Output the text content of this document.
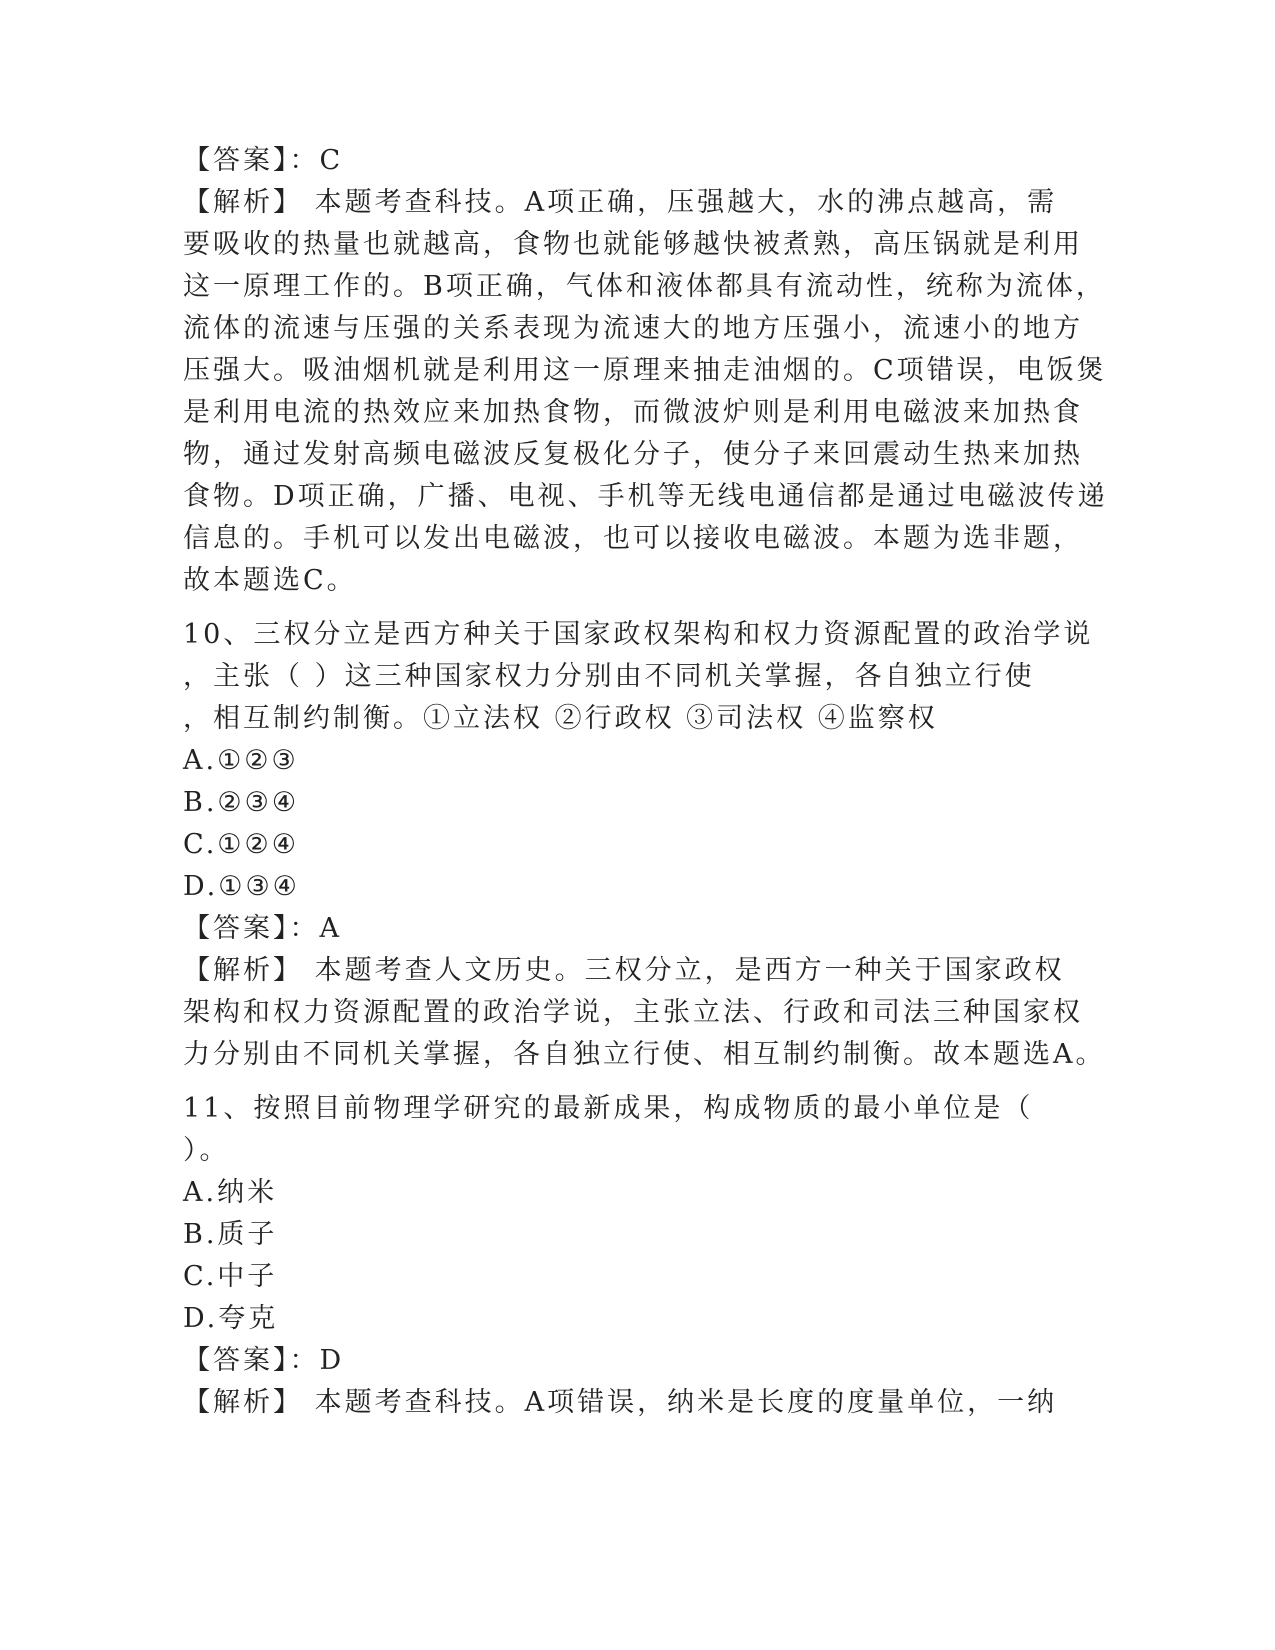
【答案】：C
【解析】 本题考查科技。A项正确，压强越大，水的沸点越高，需
要吸收的热量也就越高，食物也就能够越快被煮熟，高压锅就是利用
这一原理工作的。B项正确，气体和液体都具有流动性，统称为流体，
流体的流速与压强的关系表现为流速大的地方压强小，流速小的地方
压强大。吸油烟机就是利用这一原理来抽走油烟的。C项错误，电饭煲
是利用电流的热效应来加热食物，而微波炉则是利用电磁波来加热食
物，通过发射高频电磁波反复极化分子，使分子来回震动生热来加热
食物。D项正确，广播、电视、手机等无线电通信都是通过电磁波传递
信息的。手机可以发出电磁波，也可以接收电磁波。本题为选非题，
故本题选C。
10、三权分立是西方种关于国家政权架构和权力资源配置的政治学说
，主张（ ）这三种国家权力分别由不同机关掌握，各自独立行使
，相互制约制衡。①立法权 ②行政权 ③司法权 ④监察权
A.①②③
B.②③④
C.①②④
D.①③④
【答案】：A
【解析】 本题考查人文历史。三权分立，是西方一种关于国家政权
架构和权力资源配置的政治学说，主张立法、行政和司法三种国家权
力分别由不同机关掌握，各自独立行使、相互制约制衡。故本题选A。
11、按照目前物理学研究的最新成果，构成物质的最小单位是（
）。
A.纳米
B.质子
C.中子
D.夸克
【答案】：D
【解析】 本题考查科技。A项错误，纳米是长度的度量单位，一纳
